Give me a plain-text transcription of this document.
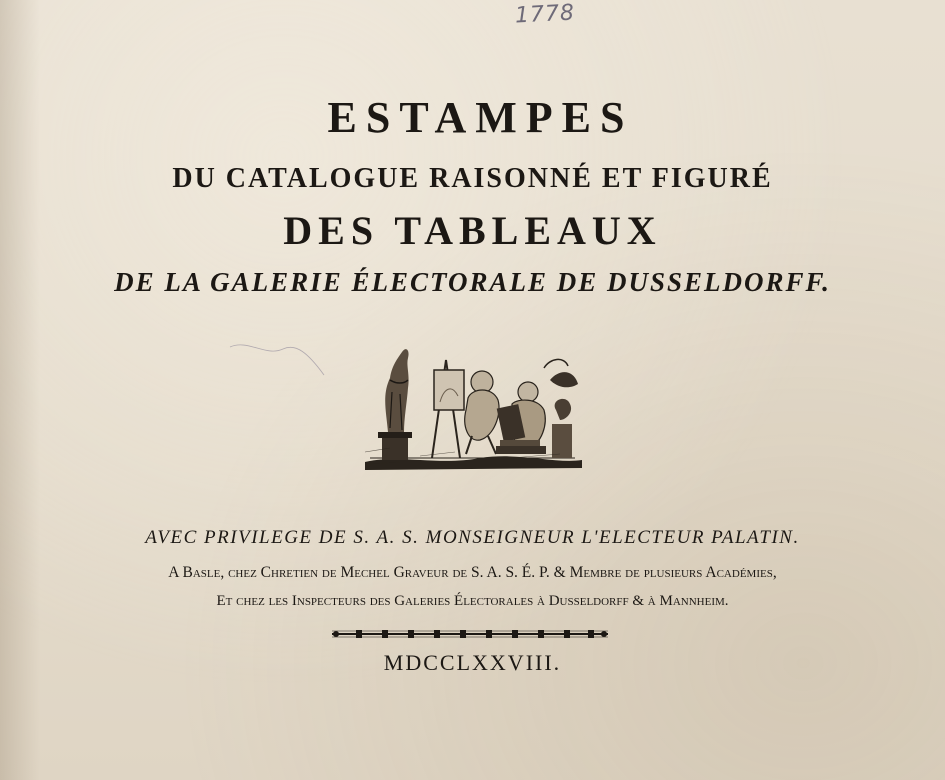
1778
ESTAMPES
DU CATALOGUE RAISONNÉ ET FIGURÉ
DES TABLEAUX
DE LA GALERIE ÉLECTORALE DE DUSSELDORFF.
AVEC PRIVILEGE DE S. A. S. MONSEIGNEUR L'ELECTEUR PALATIN.
A Basle, chez Chretien de Mechel Graveur de S. A. S. É. P. & Membre de plusieurs Académies,
Et chez les Inspecteurs des Galeries Électorales à Dusseldorff & à Mannheim.
MDCCLXXVIII.
